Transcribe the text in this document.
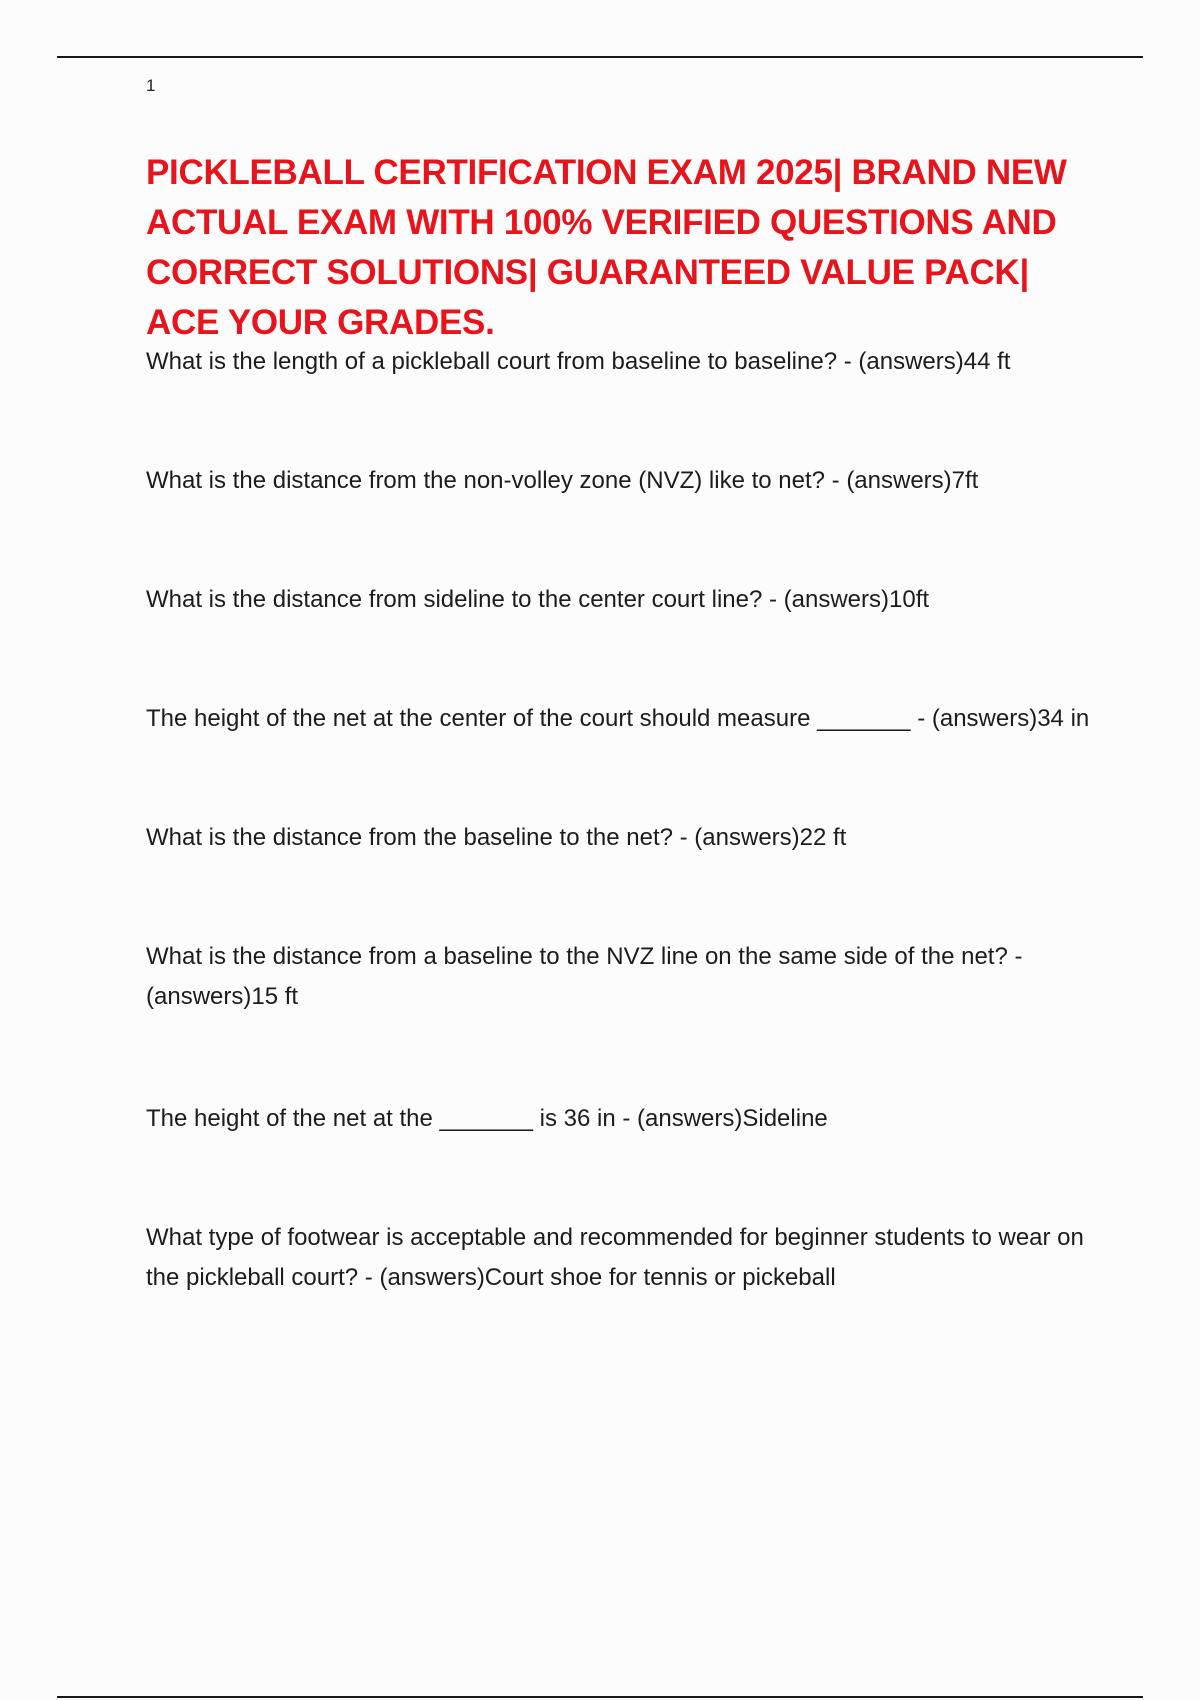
1
PICKLEBALL CERTIFICATION EXAM 2025| BRAND NEW ACTUAL EXAM WITH 100% VERIFIED QUESTIONS AND CORRECT SOLUTIONS| GUARANTEED VALUE PACK| ACE YOUR GRADES.
What is the length of a pickleball court from baseline to baseline? - (answers)44 ft
What is the distance from the non-volley zone (NVZ) like to net? - (answers)7ft
What is the distance from sideline to the center court line? - (answers)10ft
The height of the net at the center of the court should measure _______ - (answers)34 in
What is the distance from the baseline to the net? - (answers)22 ft
What is the distance from a baseline to the NVZ line on the same side of the net? - (answers)15 ft
The height of the net at the _______ is 36 in - (answers)Sideline
What type of footwear is acceptable and recommended for beginner students to wear on the pickleball court? - (answers)Court shoe for tennis or pickeball
